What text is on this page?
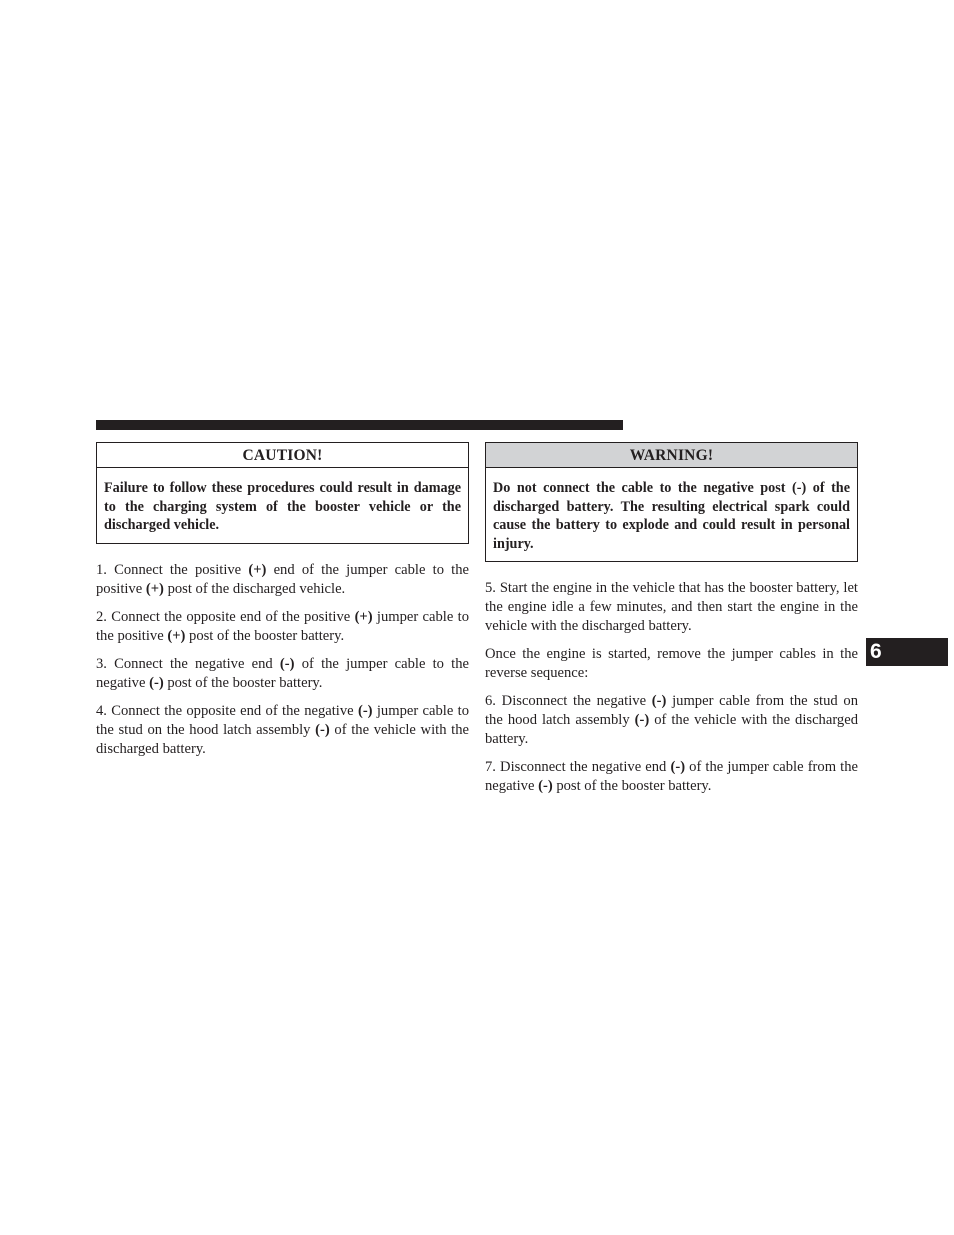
CAUTION!
Failure to follow these procedures could result in damage to the charging system of the booster vehicle or the discharged vehicle.

1. Connect the positive (+) end of the jumper cable to the positive (+) post of the discharged vehicle.

2. Connect the opposite end of the positive (+) jumper cable to the positive (+) post of the booster battery.

3. Connect the negative end (-) of the jumper cable to the negative (-) post of the booster battery.

4. Connect the opposite end of the negative (-) jumper cable to the stud on the hood latch assembly (-) of the vehicle with the discharged battery.

WARNING!
Do not connect the cable to the negative post (-) of the discharged battery. The resulting electrical spark could cause the battery to explode and could result in personal injury.

5. Start the engine in the vehicle that has the booster battery, let the engine idle a few minutes, and then start the engine in the vehicle with the discharged battery.

Once the engine is started, remove the jumper cables in the reverse sequence:

6. Disconnect the negative (-) jumper cable from the stud on the hood latch assembly (-) of the vehicle with the discharged battery.

7. Disconnect the negative end (-) of the jumper cable from the negative (-) post of the booster battery.

6
